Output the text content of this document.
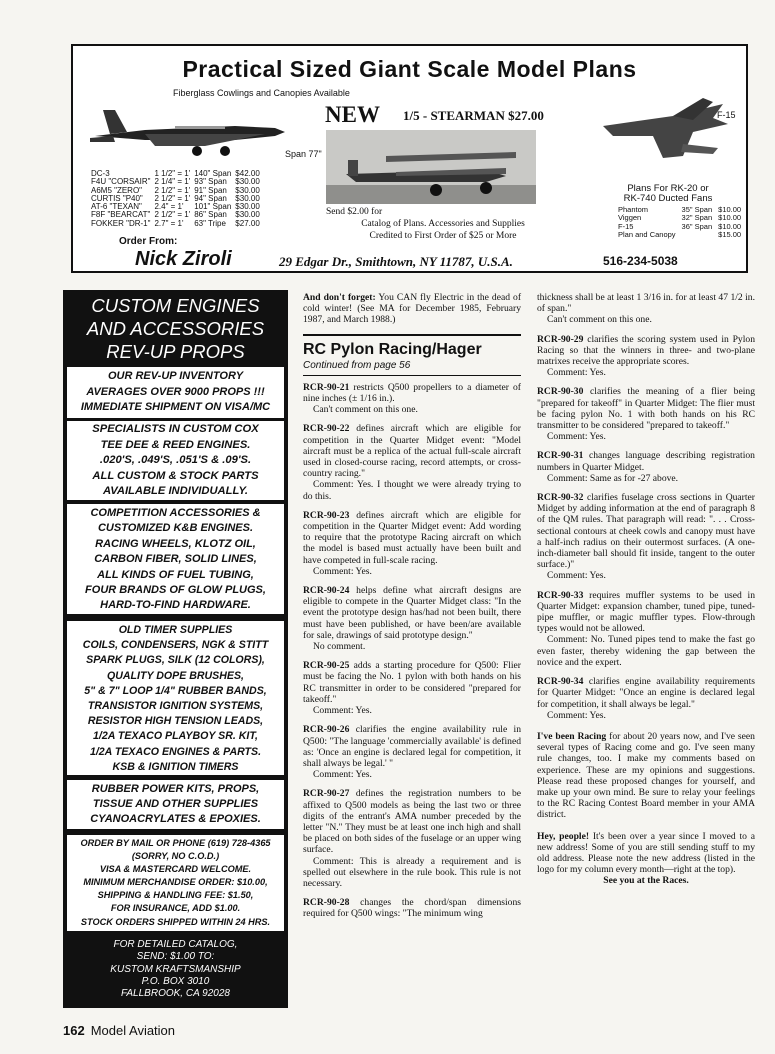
Practical Sized Giant Scale Model Plans
Fiberglass Cowlings and Canopies Available
Span 77"
DC-3	1 1/2" = 1'	140" Span	$42.00
F4U "CORSAIR"	2 1/4" = 1'	93" Span	$30.00
A6M5 "ZERO"	2 1/2" = 1'	91" Span	$30.00
CURTIS "P40"	2 1/2" = 1'	94" Span	$30.00
AT-6 "TEXAN"	2.4" = 1'	101" Span	$30.00
F8F "BEARCAT"	2 1/2" = 1'	86" Span	$30.00
FOKKER "DR-1"	2.7" = 1'	63" Tripe	$27.00
NEW 1/5 - STEARMAN $27.00
Send $2.00 for
Catalog of Plans. Accessories and Supplies
Credited to First Order of $25 or More
F-15
Plans For RK-20 or
RK-740 Ducted Fans
Phantom	35" Span	$10.00
Viggen	32" Span	$10.00
F-15	36" Span	$10.00
Plan and Canopy		$15.00
Order From:
Nick Ziroli	29 Edgar Dr., Smithtown, NY 11787, U.S.A.	516-234-5038
CUSTOM ENGINES
AND ACCESSORIES
REV-UP PROPS
OUR REV-UP INVENTORY
AVERAGES OVER 9000 PROPS !!!
IMMEDIATE SHIPMENT ON VISA/MC
SPECIALISTS IN CUSTOM COX
TEE DEE & REED ENGINES.
.020'S, .049'S, .051'S & .09'S.
ALL CUSTOM & STOCK PARTS
AVAILABLE INDIVIDUALLY.
COMPETITION ACCESSORIES &
CUSTOMIZED K&B ENGINES.
RACING WHEELS, KLOTZ OIL,
CARBON FIBER, SOLID LINES,
ALL KINDS OF FUEL TUBING,
FOUR BRANDS OF GLOW PLUGS,
HARD-TO-FIND HARDWARE.
OLD TIMER SUPPLIES
COILS, CONDENSERS, NGK & STITT
SPARK PLUGS, SILK (12 COLORS),
QUALITY DOPE BRUSHES,
5" & 7" LOOP 1/4" RUBBER BANDS,
TRANSISTOR IGNITION SYSTEMS,
RESISTOR HIGH TENSION LEADS,
1/2A TEXACO PLAYBOY SR. KIT,
1/2A TEXACO ENGINES & PARTS.
KSB & IGNITION TIMERS
RUBBER POWER KITS, PROPS,
TISSUE AND OTHER SUPPLIES
CYANOACRYLATES & EPOXIES.
ORDER BY MAIL OR PHONE (619) 728-4365
(SORRY, NO C.O.D.)
VISA & MASTERCARD WELCOME.
MINIMUM MERCHANDISE ORDER: $10.00,
SHIPPING & HANDLING FEE: $1.50,
FOR INSURANCE, ADD $1.00.
STOCK ORDERS SHIPPED WITHIN 24 HRS.
FOR DETAILED CATALOG,
SEND: $1.00 TO:
KUSTOM KRAFTSMANSHIP
P.O. BOX 3010
FALLBROOK, CA 92028

And don't forget: You CAN fly Electric in the dead of cold winter! (See MA for December 1985, February 1987, and March 1988.)

RC Pylon Racing/Hager
Continued from page 56

RCR-90-21 restricts Q500 propellers to a diameter of nine inches (± 1/16 in.).

Can't comment on this one.

RCR-90-22 defines aircraft which are eligible for competition in the Quarter Midget event: "Model aircraft must be a replica of the actual full-scale aircraft used in closed-course racing, record attempts, or cross-country racing."

Comment: Yes. I thought we were already trying to do this.

RCR-90-23 defines aircraft which are eligible for competition in the Quarter Midget event: Add wording to require that the prototype Racing aircraft on which the model is based must actually have been built and have competed in full-scale racing.

Comment: Yes.

RCR-90-24 helps define what aircraft designs are eligible to compete in the Quarter Midget class: "In the event the prototype design has/had not been built, there must have been published, or have been/are available for sale, drawings of said prototype design."

No comment.

RCR-90-25 adds a starting procedure for Q500: Flier must be facing the No. 1 pylon with both hands on his RC transmitter in order to be considered "prepared for takeoff."

Comment: Yes.

RCR-90-26 clarifies the engine availability rule in Q500: "The language 'commercially available' is defined as: 'Once an engine is declared legal for competition, it shall always be legal.' "

Comment: Yes.

RCR-90-27 defines the registration numbers to be affixed to Q500 models as being the last two or three digits of the entrant's AMA number preceded by the letter "N." They must be at least one inch high and shall be placed on both sides of the fuselage or an upper wing surface.

Comment: This is already a requirement and is spelled out elsewhere in the rule book. This rule is not necessary.

RCR-90-28 changes the chord/span dimensions required for Q500 wings: "The minimum wing

thickness shall be at least 1 3/16 in. for at least 47 1/2 in. of span."

Can't comment on this one.

RCR-90-29 clarifies the scoring system used in Pylon Racing so that the winners in three- and two-plane matrixes receive the appropriate scores.

Comment: Yes.

RCR-90-30 clarifies the meaning of a flier being "prepared for takeoff" in Quarter Midget: The flier must be facing pylon No. 1 with both hands on his RC transmitter to be considered "prepared to takeoff."

Comment: Yes.

RCR-90-31 changes language describing registration numbers in Quarter Midget.

Comment: Same as for -27 above.

RCR-90-32 clarifies fuselage cross sections in Quarter Midget by adding information at the end of paragraph 8 of the QM rules. That paragraph will read: ". . . Cross-sectional contours at cheek cowls and canopy must have a half-inch radius on their outermost surfaces. (A one-inch-diameter ball should fit inside, tangent to the outer surface.)"

Comment: Yes.

RCR-90-33 requires muffler systems to be used in Quarter Midget: expansion chamber, tuned pipe, tuned-pipe muffler, or magic muffler types. Flow-through types would not be allowed.

Comment: No. Tuned pipes tend to make the fast go even faster, thereby widening the gap between the novice and the expert.

RCR-90-34 clarifies engine availability requirements for Quarter Midget: "Once an engine is declared legal for competition, it shall always be legal."

Comment: Yes.

I've been Racing for about 20 years now, and I've seen several types of Racing come and go. I've seen many rule changes, too. I make my comments based on experience. These are my opinions and suggestions. Please read these proposed changes for yourself, and make up your own mind. Be sure to relay your feelings to the RC Racing Contest Board member in your AMA district.

Hey, people! It's been over a year since I moved to a new address! Some of you are still sending stuff to my old address. Please note the new address (listed in the logo for my column every month—right at the top).

See you at the Races.

162 Model Aviation
